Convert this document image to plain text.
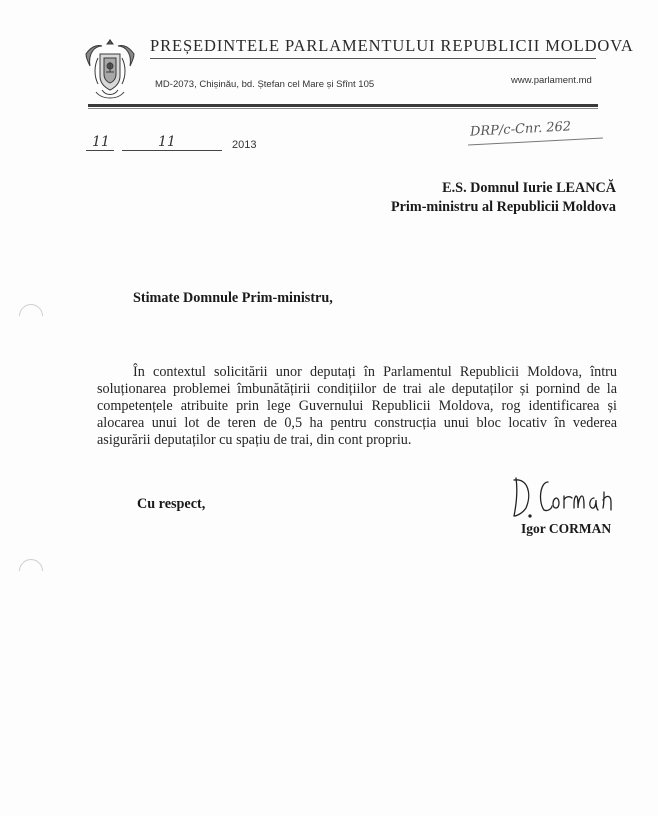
PREȘEDINTELE PARLAMENTULUI REPUBLICII MOLDOVA
MD-2073, Chișinău, bd. Ștefan cel Mare și Sfînt 105	www.parlament.md
11	11	2013
DRP/c-Cnr. 262
E.S. Domnul Iurie LEANCĂ
Prim-ministru al Republicii Moldova
Stimate Domnule Prim-ministru,

În contextul solicitării unor deputați în Parlamentul Republicii Moldova, întru soluționarea problemei îmbunătățirii condițiilor de trai ale deputaților și pornind de la competențele atribuite prin lege Guvernului Republicii Moldova, rog identificarea și alocarea unui lot de teren de 0,5 ha pentru construcția unui bloc locativ în vederea asigurării deputaților cu spațiu de trai, din cont propriu.

Cu respect,
Igor CORMAN
